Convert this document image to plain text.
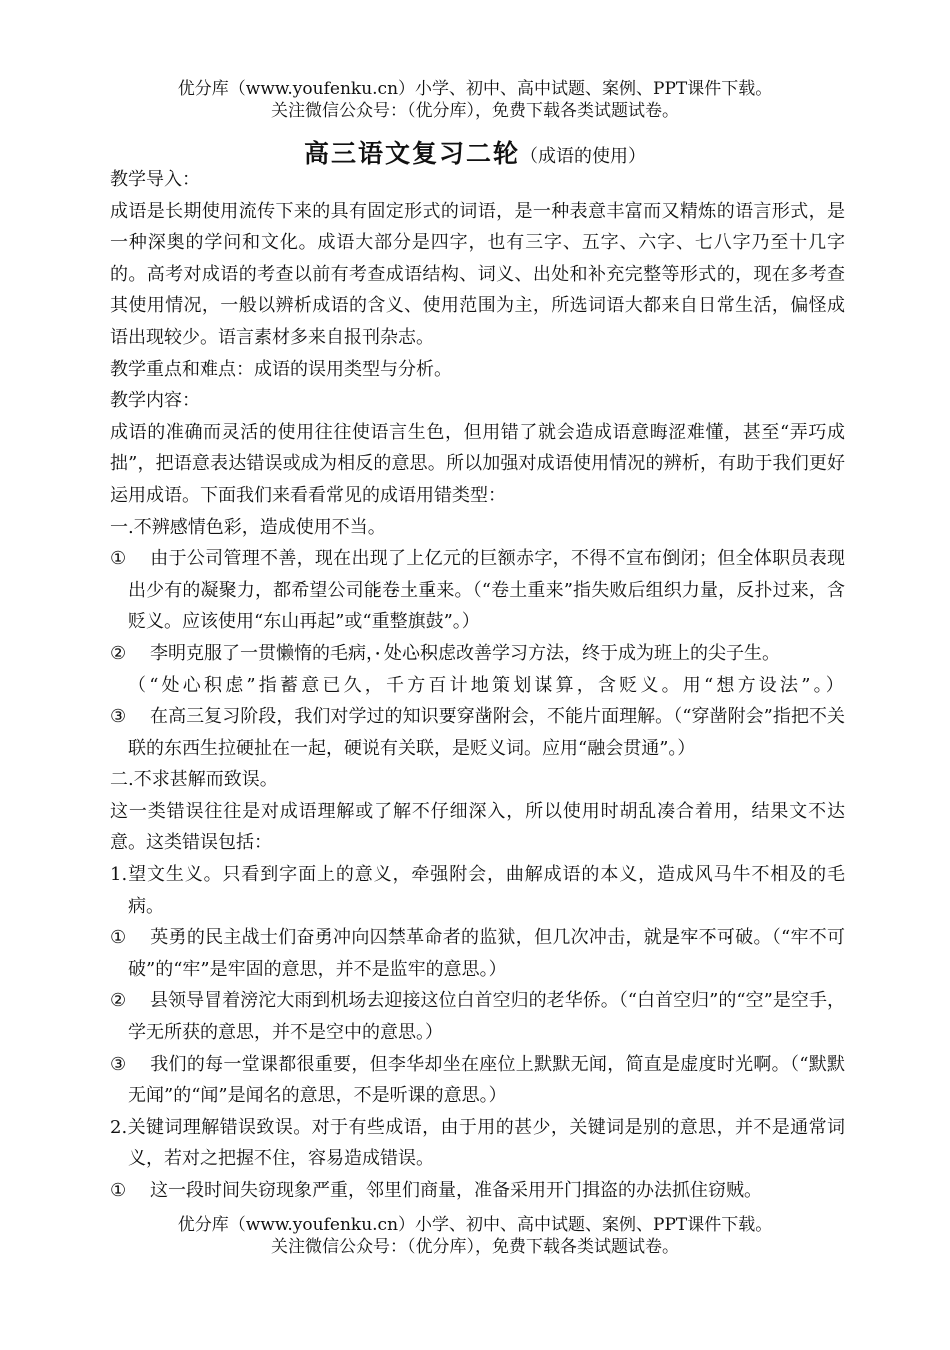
优分库（www.youfenku.cn）小学、初中、高中试题、案例、PPT课件下载。
关注微信公众号：（优分库），免费下载各类试题试卷。
高三语文复习二轮（成语的使用）
教学导入：
成语是长期使用流传下来的具有固定形式的词语，是一种表意丰富而又精炼的语言形式，是一种深奥的学问和文化。成语大部分是四字，也有三字、五字、六字、七八字乃至十几字的。高考对成语的考查以前有考查成语结构、词义、出处和补充完整等形式的，现在多考查其使用情况，一般以辨析成语的含义、使用范围为主，所选词语大都来自日常生活，偏怪成语出现较少。语言素材多来自报刊杂志。
教学重点和难点：成语的误用类型与分析。
教学内容：
成语的准确而灵活的使用往往使语言生色，但用错了就会造成语意晦涩难懂，甚至“弄巧成拙”，把语意表达错误或成为相反的意思。所以加强对成语使用情况的辨析，有助于我们更好运用成语。下面我们来看看常见的成语用错类型：
一.不辨感情色彩，造成使用不当。
① 由于公司管理不善，现在出现了上亿元的巨额赤字，不得不宣布倒闭；但全体职员表现出少有的凝聚力，都希望公司能卷 •土 •重 •来 •。（“卷土重来”指失败后组织力量，反扑过来，含贬义。应该使用“东山再起”或“重整旗鼓”。）
② 李明克服了一贯懒惰的毛病，处 •心 •积 •虑 •改善学习方法，终于成为班上的尖子生。
（“处心积虑”指蓄意已久，千方百计地策划谋算，含贬义。用“想方设法”。）
③ 在高三复习阶段，我们对学过的知识要穿 •凿 •附 •会 •，不能片面理解。（“穿凿附会”指把不关联的东西生拉硬扯在一起，硬说有关联，是贬义词。应用“融会贯通”。）
二.不求甚解而致误。
这一类错误往往是对成语理解或了解不仔细深入，所以使用时胡乱凑合着用，结果文不达意。这类错误包括：
1.望文生义。只看到字面上的意义，牵强附会，曲解成语的本义，造成风马牛不相及的毛病。
① 英勇的民主战士们奋勇冲向囚禁革命者的监狱，但几次冲击，就是牢 •不 •可 •破 •。（“牢不可破”的“牢”是牢固的意思，并不是监牢的意思。）
② 县领导冒着滂沱大雨到机场去迎接这位白首空归的老华侨。（“白首空归”的“空”是空手，学无所获的意思，并不是空中的意思。）
③ 我们的每一堂课都很重要，但李华却坐在座位上默默无闻，简直是虚度时光啊。（“默默无闻”的“闻”是闻名的意思，不是听课的意思。）
2.关键词理解错误致误。对于有些成语，由于用的甚少，关键词是别的意思，并不是通常词义，若对之把握不住，容易造成错误。
① 这一段时间失窃现象严重，邻里们商量，准备采用开门揖盗的办法抓住窃贼。
优分库（www.youfenku.cn）小学、初中、高中试题、案例、PPT课件下载。
关注微信公众号：（优分库），免费下载各类试题试卷。
